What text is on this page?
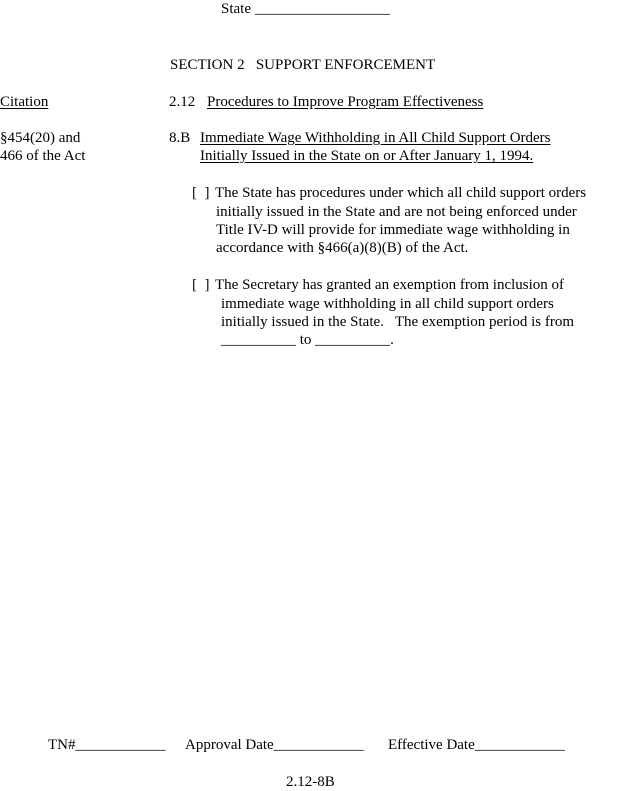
State __________________
SECTION 2   SUPPORT ENFORCEMENT
Citation
§454(20) and
466 of the Act
2.12 Procedures to Improve Program Effectiveness
8.B Immediate Wage Withholding in All Child Support Orders
Initially Issued in the State on or After January 1, 1994.
[  ] The State has procedures under which all child support orders
initially issued in the State and are not being enforced under
Title IV-D will provide for immediate wage withholding in
accordance with §466(a)(8)(B) of the Act.
[  ] The Secretary has granted an exemption from inclusion of
immediate wage withholding in all child support orders
initially issued in the State.   The exemption period is from
__________ to __________.
TN#____________ Approval Date____________ Effective Date____________
2.12-8B
